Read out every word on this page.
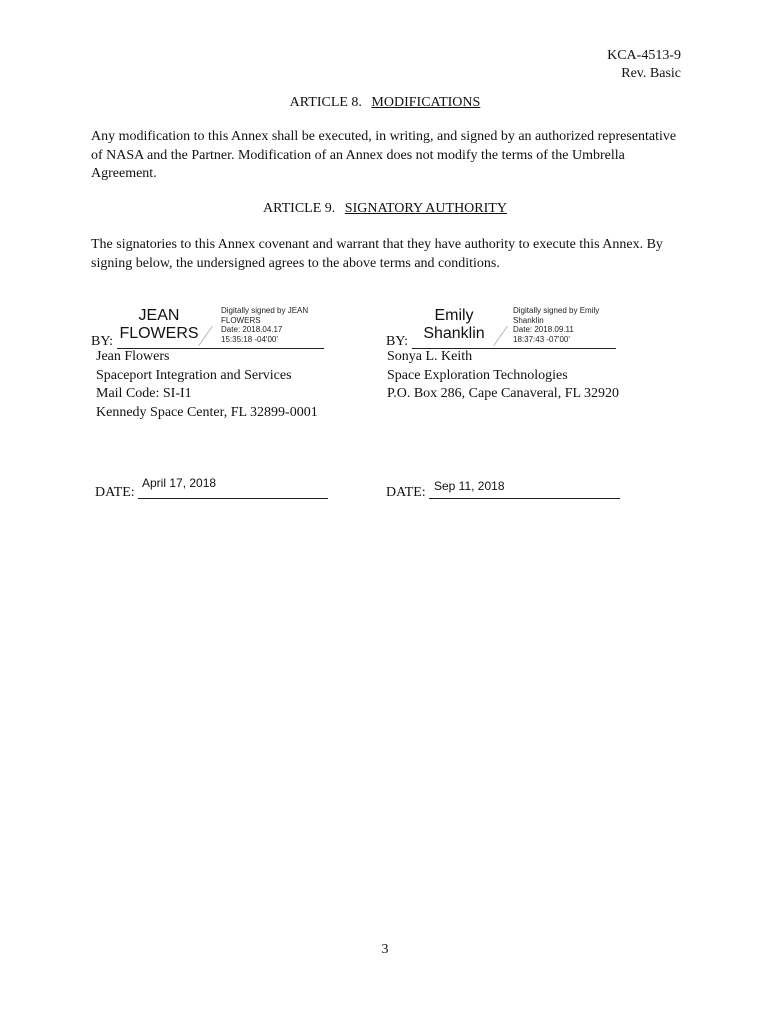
KCA-4513-9
Rev. Basic
ARTICLE 8. MODIFICATIONS
Any modification to this Annex shall be executed, in writing, and signed by an authorized representative of NASA and the Partner. Modification of an Annex does not modify the terms of the Umbrella Agreement.
ARTICLE 9. SIGNATORY AUTHORITY
The signatories to this Annex covenant and warrant that they have authority to execute this Annex. By signing below, the undersigned agrees to the above terms and conditions.
JEAN
FLOWERS
Digitally signed by JEAN
FLOWERS
Date: 2018.04.17
15:35:18 -04'00'
BY:
Jean Flowers
Spaceport Integration and Services
Mail Code: SI-I1
Kennedy Space Center, FL 32899-0001
Emily
Shanklin
Digitally signed by Emily
Shanklin
Date: 2018.09.11
18:37:43 -07'00'
BY:
Sonya L. Keith
Space Exploration Technologies
P.O. Box 286, Cape Canaveral, FL 32920
April 17, 2018
DATE:	Sep 11, 2018
DATE:
3
